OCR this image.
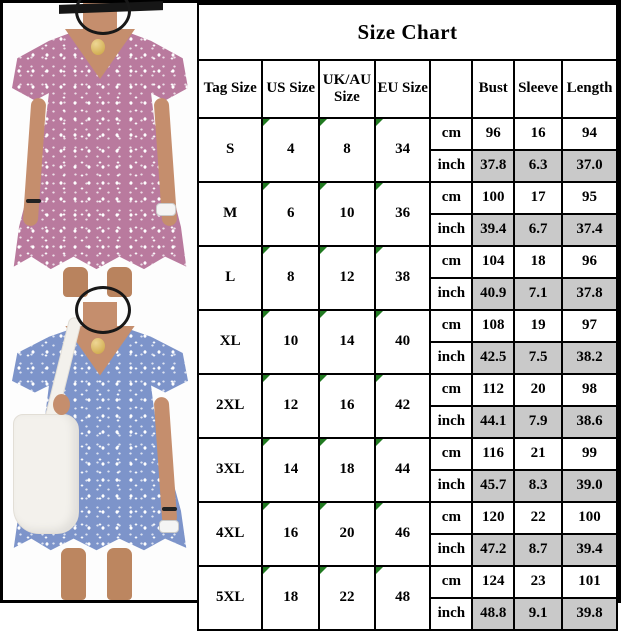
Size Chart							
Tag Size	US Size	UK/AU Size	EU Size		Bust	Sleeve	Length
S	4	8	34	cm	96	16	94
				inch	37.8	6.3	37.0
M	6	10	36	cm	100	17	95
				inch	39.4	6.7	37.4
L	8	12	38	cm	104	18	96
				inch	40.9	7.1	37.8
XL	10	14	40	cm	108	19	97
				inch	42.5	7.5	38.2
2XL	12	16	42	cm	112	20	98
				inch	44.1	7.9	38.6
3XL	14	18	44	cm	116	21	99
				inch	45.7	8.3	39.0
4XL	16	20	46	cm	120	22	100
				inch	47.2	8.7	39.4
5XL	18	22	48	cm	124	23	101
				inch	48.8	9.1	39.8
